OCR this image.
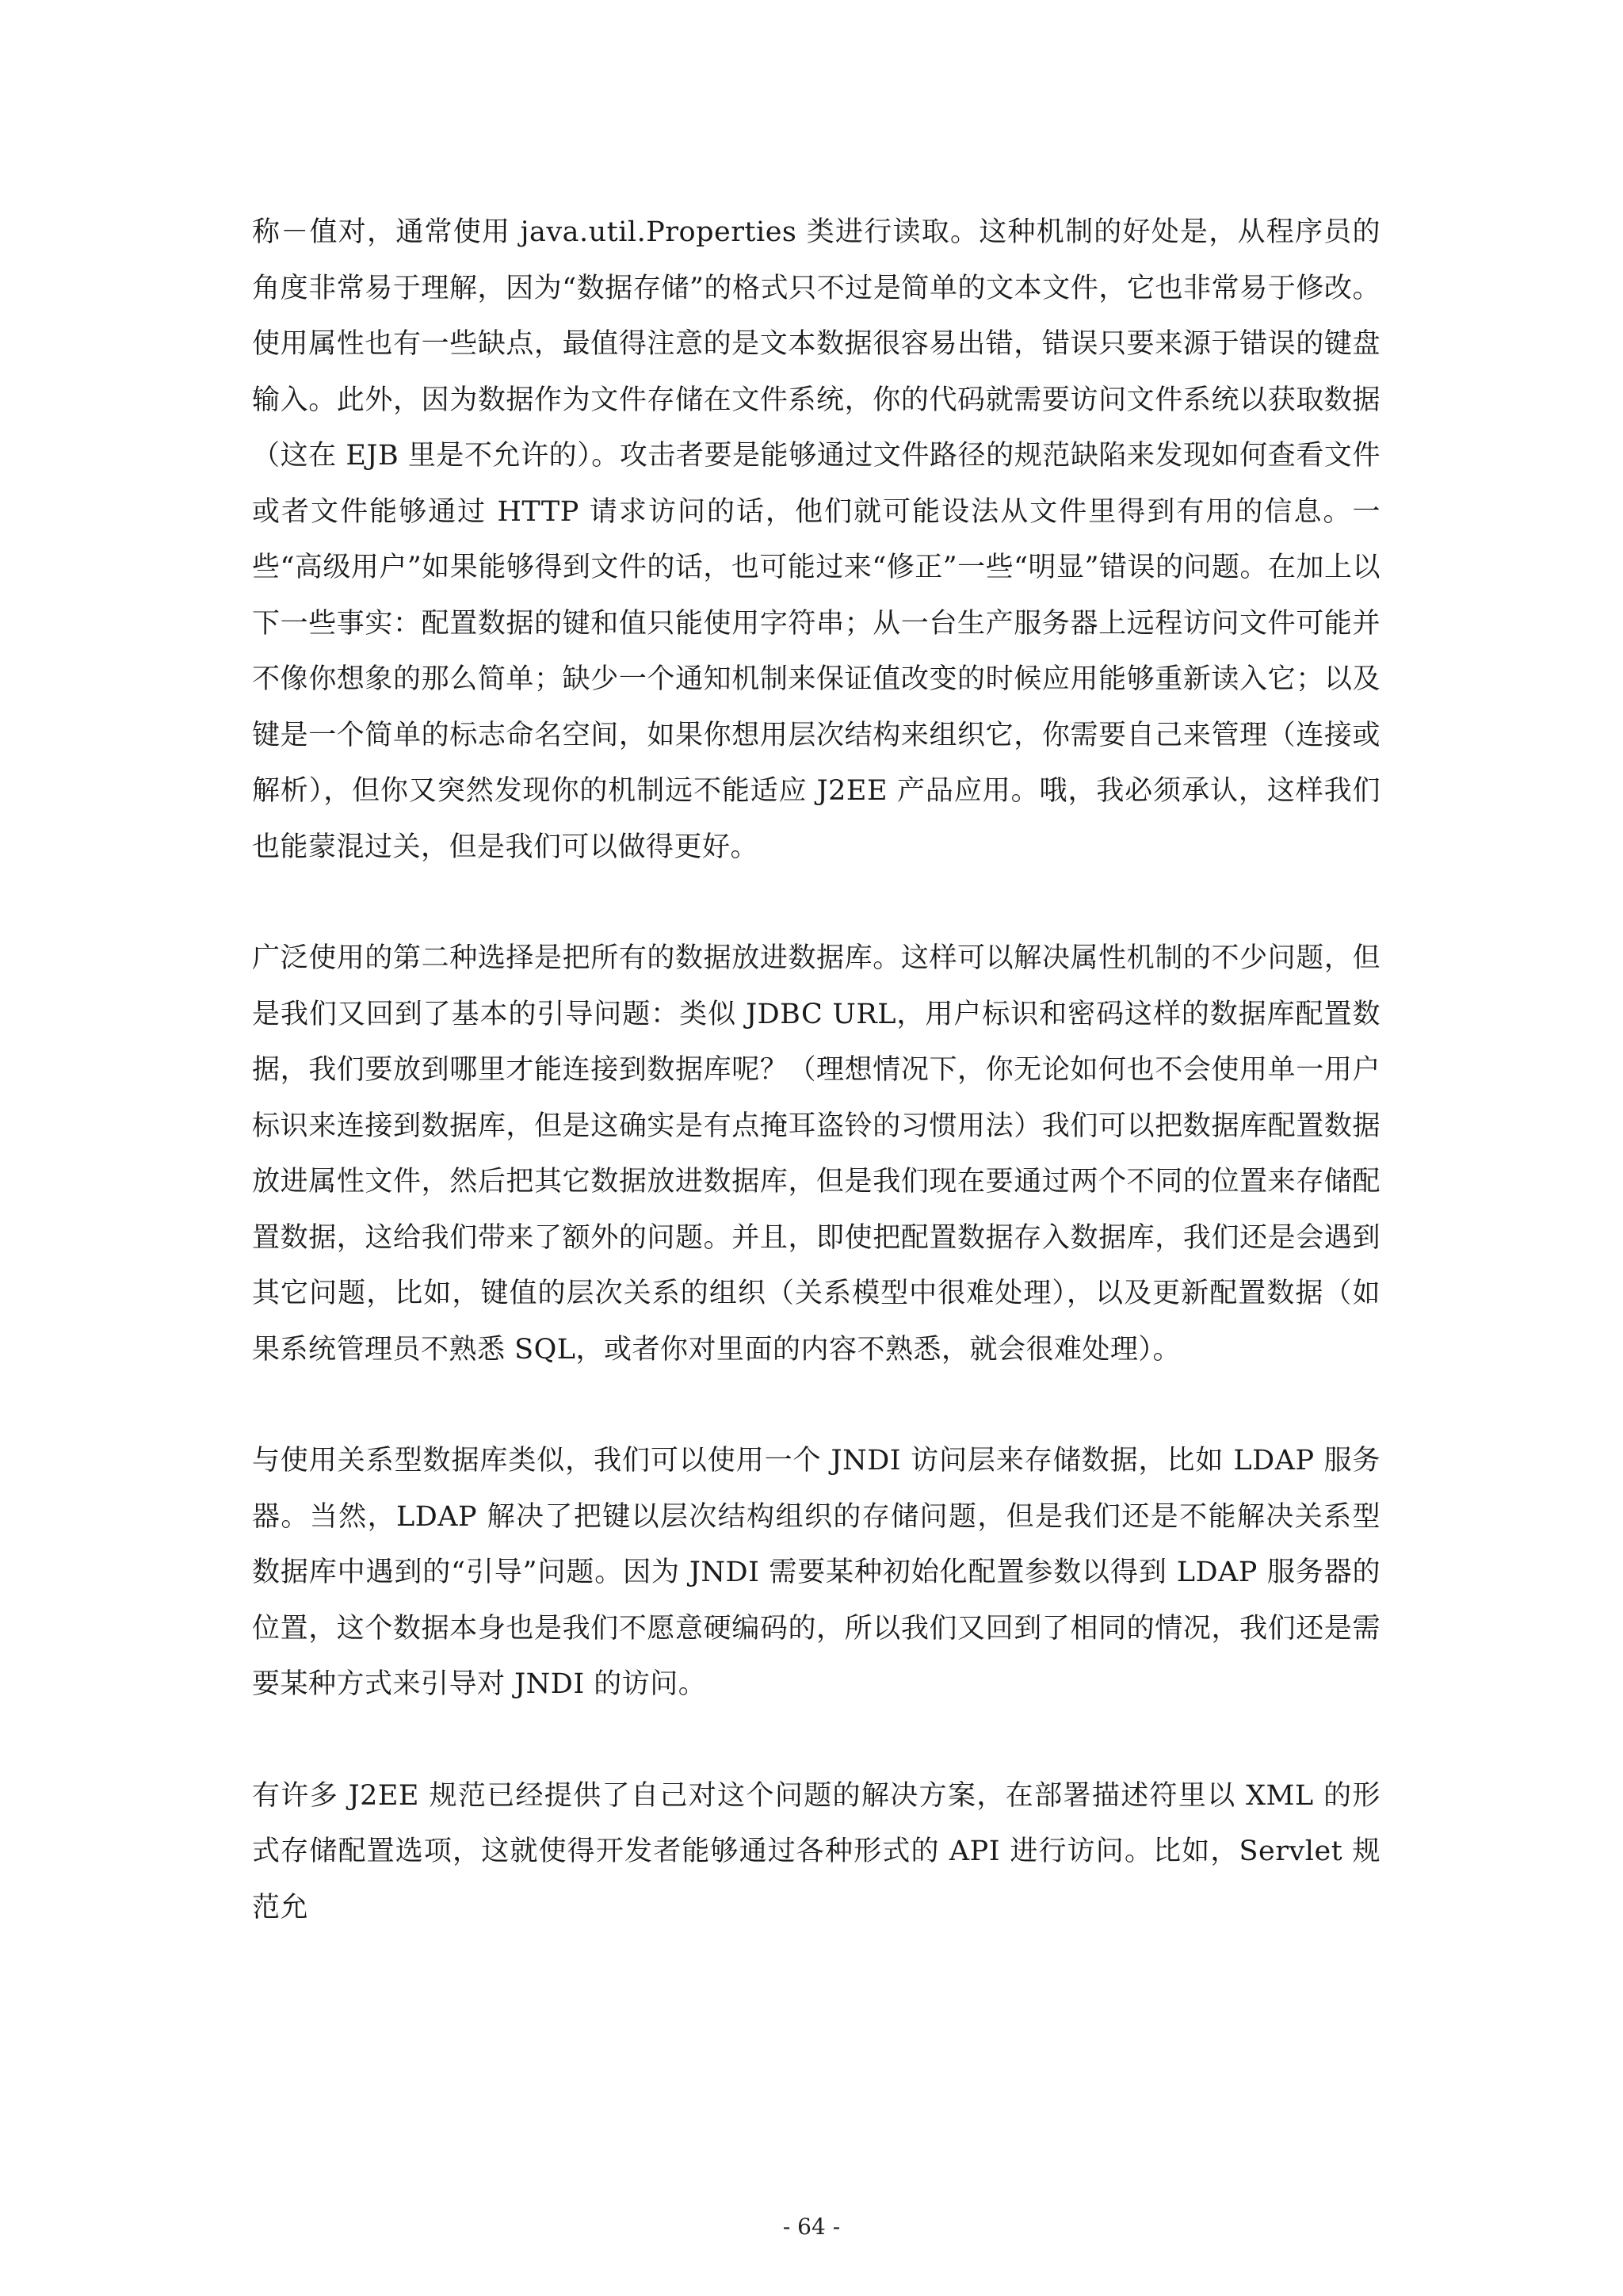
称－值对，通常使用 java.util.Properties 类进行读取。这种机制的好处是，从程序员的角度非常易于理解，因为“数据存储”的格式只不过是简单的文本文件，它也非常易于修改。使用属性也有一些缺点，最值得注意的是文本数据很容易出错，错误只要来源于错误的键盘输入。此外，因为数据作为文件存储在文件系统，你的代码就需要访问文件系统以获取数据（这在 EJB 里是不允许的）。攻击者要是能够通过文件路径的规范缺陷来发现如何查看文件或者文件能够通过 HTTP 请求访问的话，他们就可能设法从文件里得到有用的信息。一些“高级用户”如果能够得到文件的话，也可能过来“修正”一些“明显”错误的问题。在加上以下一些事实：配置数据的键和值只能使用字符串；从一台生产服务器上远程访问文件可能并不像你想象的那么简单；缺少一个通知机制来保证值改变的时候应用能够重新读入它；以及键是一个简单的标志命名空间，如果你想用层次结构来组织它，你需要自己来管理（连接或解析），但你又突然发现你的机制远不能适应 J2EE 产品应用。哦，我必须承认，这样我们也能蒙混过关，但是我们可以做得更好。

广泛使用的第二种选择是把所有的数据放进数据库。这样可以解决属性机制的不少问题，但是我们又回到了基本的引导问题：类似 JDBC URL，用户标识和密码这样的数据库配置数据，我们要放到哪里才能连接到数据库呢？（理想情况下，你无论如何也不会使用单一用户标识来连接到数据库，但是这确实是有点掩耳盗铃的习惯用法）我们可以把数据库配置数据放进属性文件，然后把其它数据放进数据库，但是我们现在要通过两个不同的位置来存储配置数据，这给我们带来了额外的问题。并且，即使把配置数据存入数据库，我们还是会遇到其它问题，比如，键值的层次关系的组织（关系模型中很难处理），以及更新配置数据（如果系统管理员不熟悉 SQL，或者你对里面的内容不熟悉，就会很难处理）。

与使用关系型数据库类似，我们可以使用一个 JNDI 访问层来存储数据，比如 LDAP 服务器。当然，LDAP 解决了把键以层次结构组织的存储问题，但是我们还是不能解决关系型数据库中遇到的“引导”问题。因为 JNDI 需要某种初始化配置参数以得到 LDAP 服务器的位置，这个数据本身也是我们不愿意硬编码的，所以我们又回到了相同的情况，我们还是需要某种方式来引导对 JNDI 的访问。

有许多 J2EE 规范已经提供了自己对这个问题的解决方案，在部署描述符里以 XML 的形式存储配置选项，这就使得开发者能够通过各种形式的 API 进行访问。比如，Servlet 规范允

- 64 -
